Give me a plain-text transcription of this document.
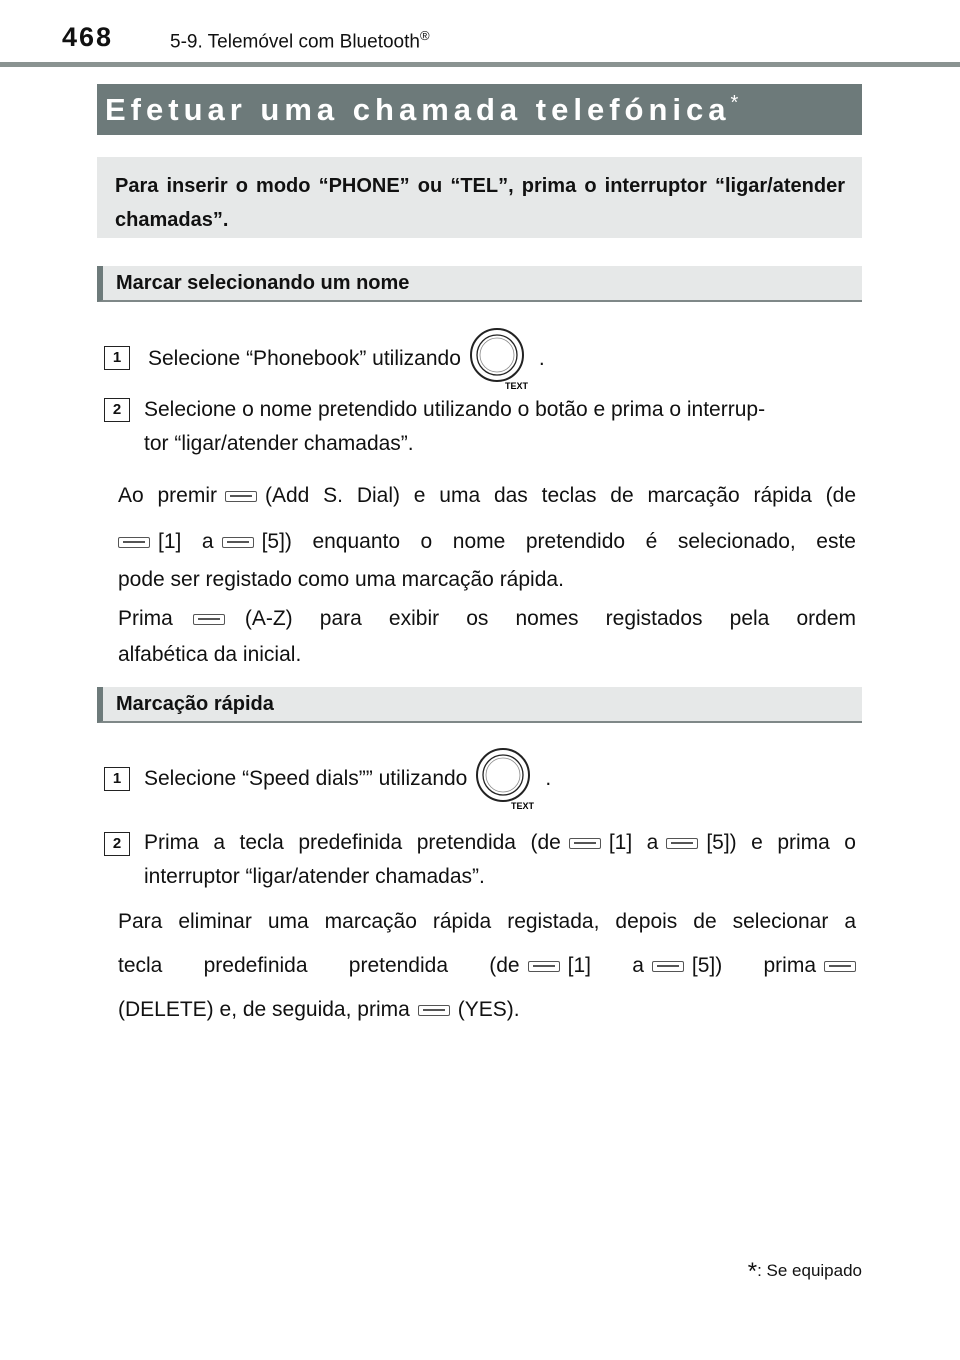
468	5-9. Telemóvel com Bluetooth®
Efetuar uma chamada telefónica*
Para inserir o modo “PHONE” ou “TEL”, prima o interruptor “ligar/atender chamadas”.
Marcar selecionando um nome
1	Selecione “Phonebook” utilizando
TEXT
.
2	Selecione o nome pretendido utilizando o botão e prima o interrup-
tor “ligar/atender chamadas”.
Ao premir (Add S. Dial) e uma das teclas de marcação rápida (de
[1] a [5]) enquanto o nome pretendido é selecionado, este
pode ser registado como uma marcação rápida.
Prima	(A-Z) para exibir os nomes registados pela ordem
alfabética da inicial.
Marcação rápida
1	Selecione “Speed dials”” utilizando
TEXT
.
2	Prima a tecla predefinida pretendida (de [1] a [5]) e prima o
interruptor “ligar/atender chamadas”.
Para eliminar uma marcação rápida registada, depois de selecionar a
tecla predefinida pretendida (de [1] a [5]) prima
(DELETE) e, de seguida, prima (YES).
*: Se equipado
